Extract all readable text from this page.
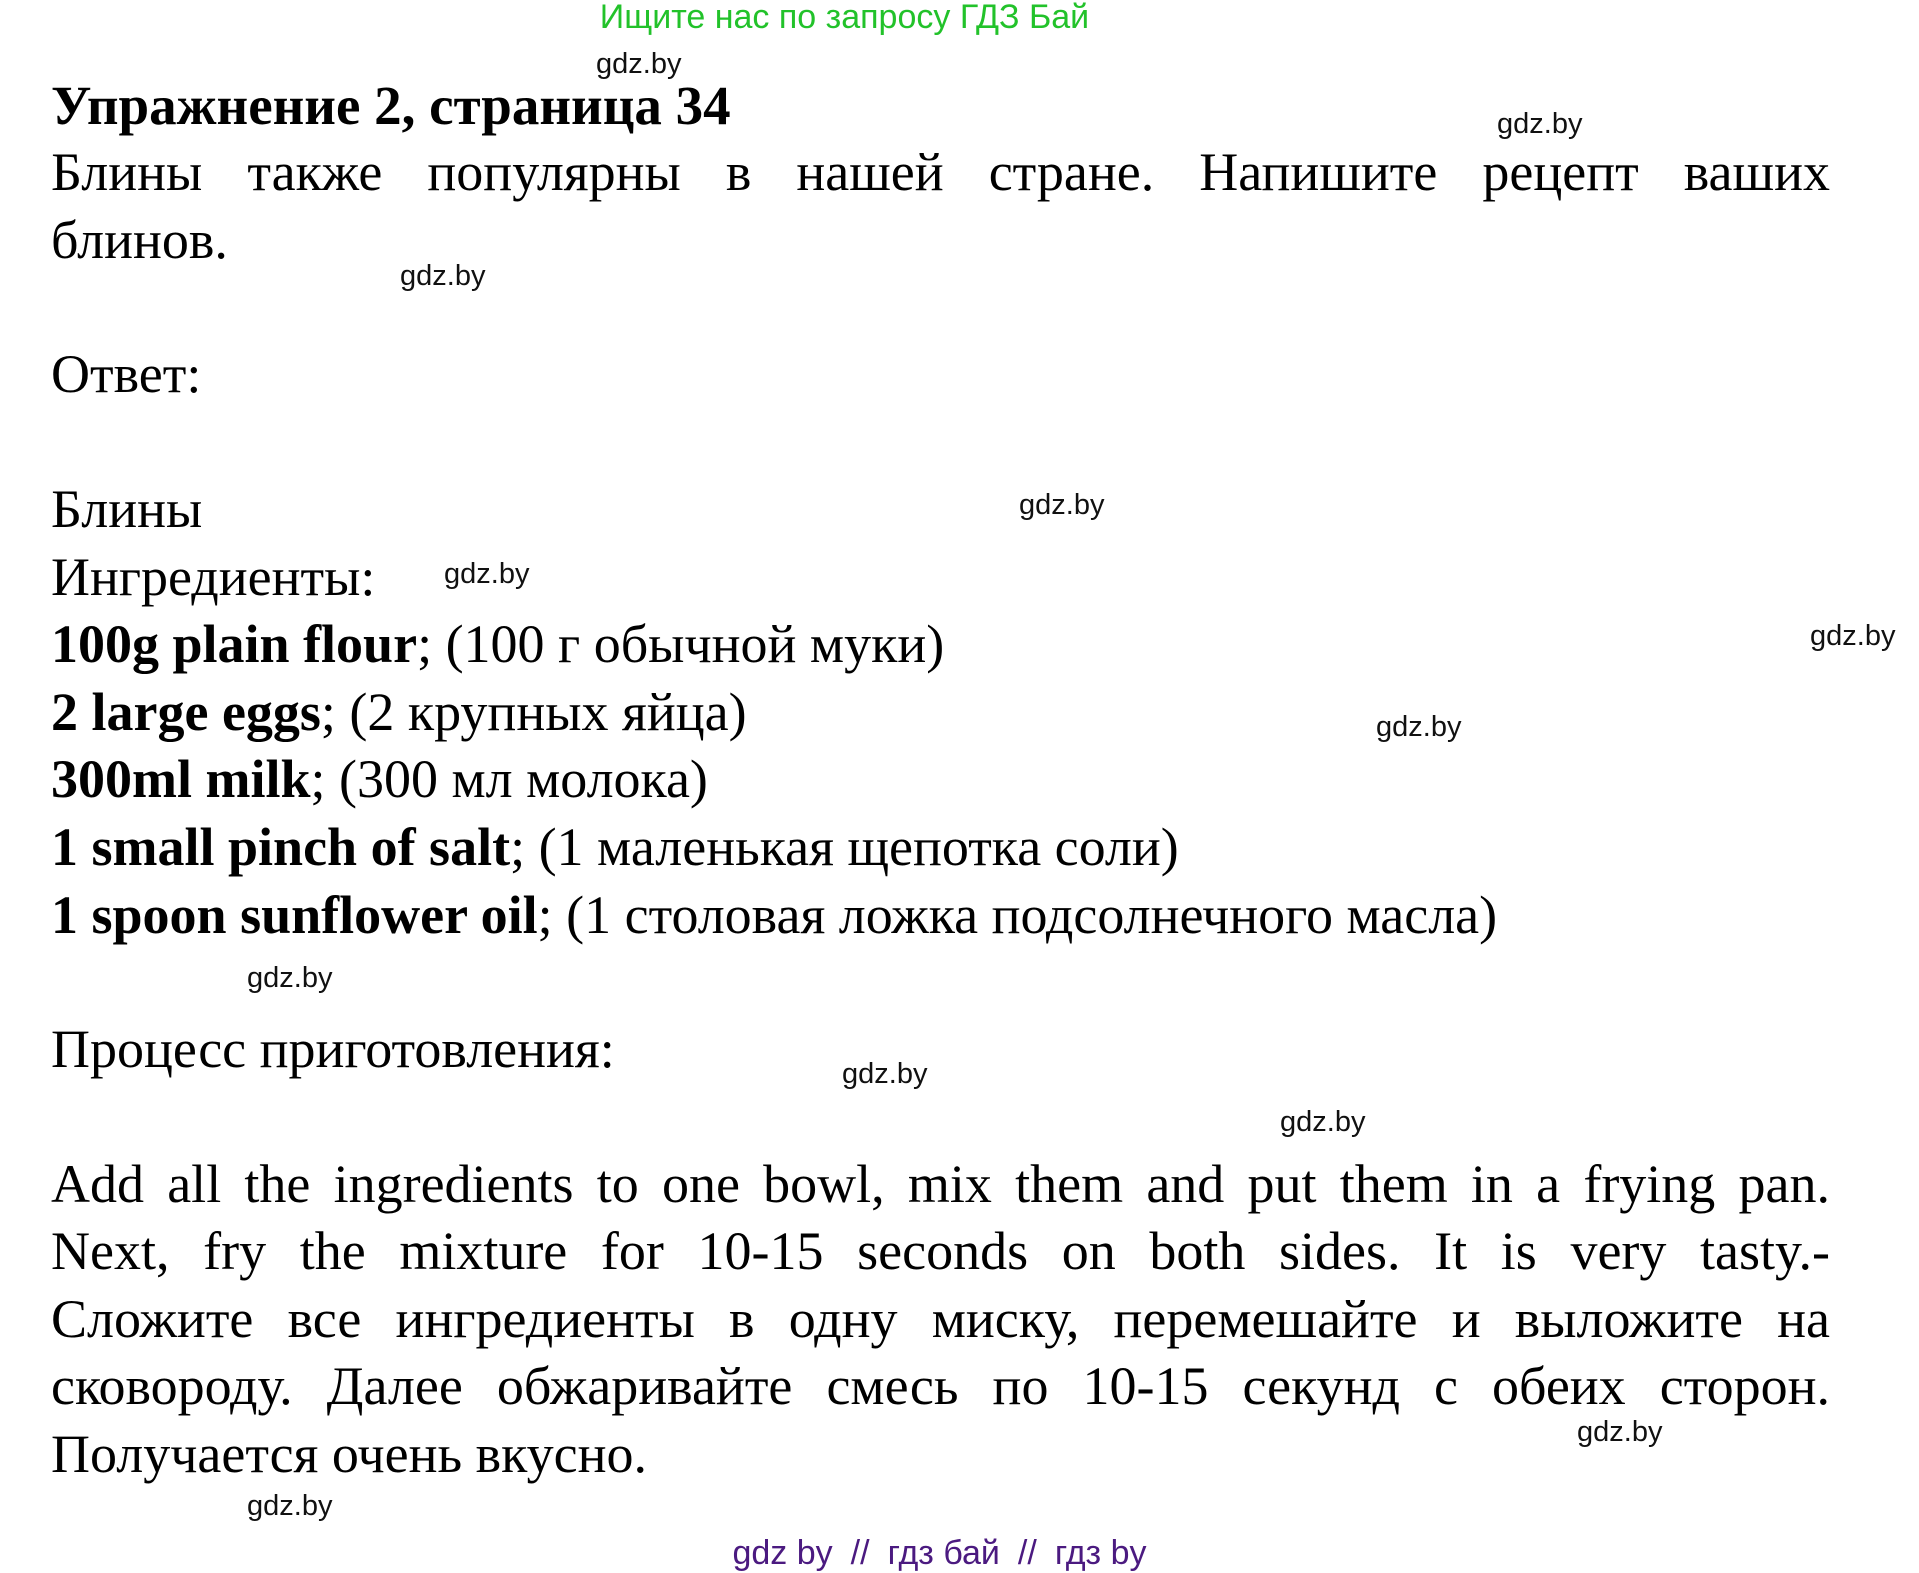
Ищите нас по запросу ГДЗ Бай
gdz.by
gdz.by
gdz.by
gdz.by
gdz.by
gdz.by
gdz.by
gdz.by
gdz.by
gdz.by
gdz.by
gdz.by
Упражнение 2, страница 34
Блины также популярны в нашей стране. Напишите рецепт ваших
блинов.
Ответ:
Блины
Ингредиенты:
100g plain flour; (100 г обычной муки)
2 large eggs; (2 крупных яйца)
300ml milk; (300 мл молока)
1 small pinch of salt; (1 маленькая щепотка соли)
1 spoon sunflower oil; (1 столовая ложка подсолнечного масла)
Процесс приготовления:
Add all the ingredients to one bowl, mix them and put them in a frying pan.
Next, fry the mixture for 10-15 seconds on both sides. It is very tasty.-
Сложите все ингредиенты в одну миску, перемешайте и выложите на
сковороду. Далее обжаривайте смесь по 10-15 секунд с обеих сторон.
Получается очень вкусно.
gdz by // гдз бай // гдз by
